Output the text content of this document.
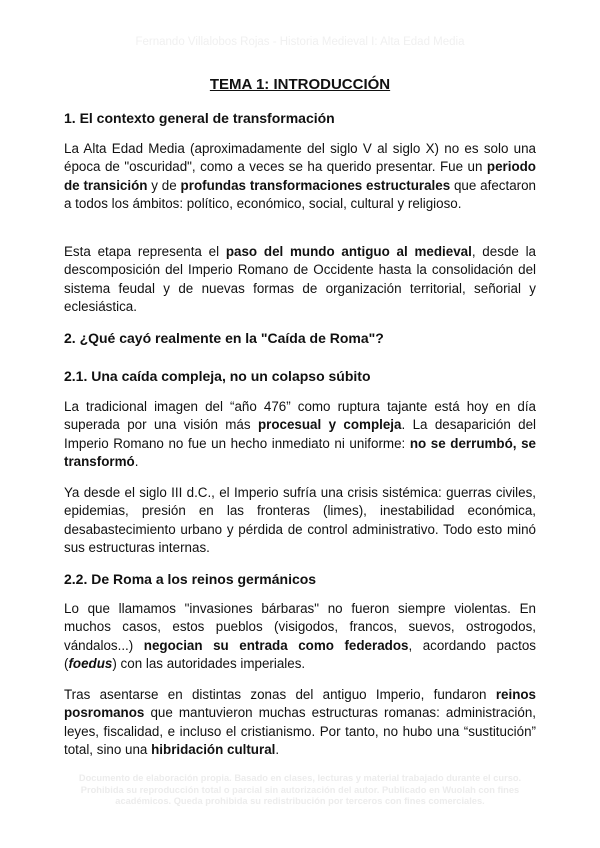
Fernando Villalobos Rojas - Historia Medieval I: Alta Edad Media
TEMA 1: INTRODUCCIÓN
1. El contexto general de transformación

La Alta Edad Media (aproximadamente del siglo V al siglo X) no es solo una época de "oscuridad", como a veces se ha querido presentar. Fue un periodo de transición y de profundas transformaciones estructurales que afectaron a todos los ámbitos: político, económico, social, cultural y religioso.

Esta etapa representa el paso del mundo antiguo al medieval, desde la descomposición del Imperio Romano de Occidente hasta la consolidación del sistema feudal y de nuevas formas de organización territorial, señorial y eclesiástica.

2. ¿Qué cayó realmente en la "Caída de Roma"?
2.1. Una caída compleja, no un colapso súbito

La tradicional imagen del “año 476” como ruptura tajante está hoy en día superada por una visión más procesual y compleja. La desaparición del Imperio Romano no fue un hecho inmediato ni uniforme: no se derrumbó, se transformó.

Ya desde el siglo III d.C., el Imperio sufría una crisis sistémica: guerras civiles, epidemias, presión en las fronteras (limes), inestabilidad económica, desabastecimiento urbano y pérdida de control administrativo. Todo esto minó sus estructuras internas.

2.2. De Roma a los reinos germánicos

Lo que llamamos "invasiones bárbaras" no fueron siempre violentas. En muchos casos, estos pueblos (visigodos, francos, suevos, ostrogodos, vándalos...) negocian su entrada como federados, acordando pactos (foedus) con las autoridades imperiales.

Tras asentarse en distintas zonas del antiguo Imperio, fundaron reinos posromanos que mantuvieron muchas estructuras romanas: administración, leyes, fiscalidad, e incluso el cristianismo. Por tanto, no hubo una “sustitución” total, sino una hibridación cultural.

Documento de elaboración propia. Basado en clases, lecturas y material trabajado durante el curso. Prohibida su reproducción total o parcial sin autorización del autor. Publicado en Wuolah con fines académicos. Queda prohibida su redistribución por terceros con fines comerciales.
